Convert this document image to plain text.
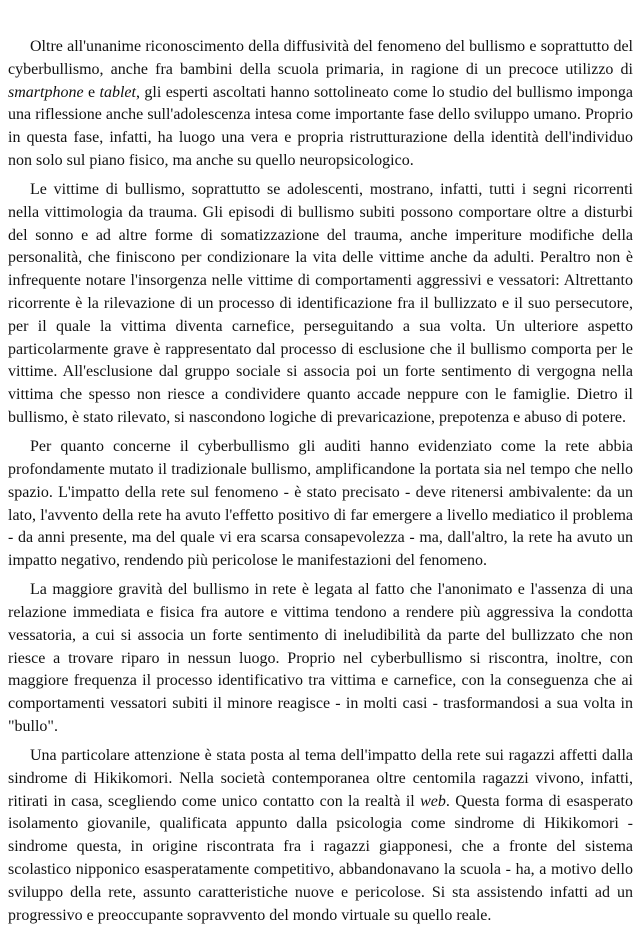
Oltre all'unanime riconoscimento della diffusività del fenomeno del bullismo e soprattutto del cyberbullismo, anche fra bambini della scuola primaria, in ragione di un precoce utilizzo di smartphone e tablet, gli esperti ascoltati hanno sottolineato come lo studio del bullismo imponga una riflessione anche sull'adolescenza intesa come importante fase dello sviluppo umano. Proprio in questa fase, infatti, ha luogo una vera e propria ristrutturazione della identità dell'individuo non solo sul piano fisico, ma anche su quello neuropsicologico.

Le vittime di bullismo, soprattutto se adolescenti, mostrano, infatti, tutti i segni ricorrenti nella vittimologia da trauma. Gli episodi di bullismo subiti possono comportare oltre a disturbi del sonno e ad altre forme di somatizzazione del trauma, anche imperiture modifiche della personalità, che finiscono per condizionare la vita delle vittime anche da adulti. Peraltro non è infrequente notare l'insorgenza nelle vittime di comportamenti aggressivi e vessatori: Altrettanto ricorrente è la rilevazione di un processo di identificazione fra il bullizzato e il suo persecutore, per il quale la vittima diventa carnefice, perseguitando a sua volta. Un ulteriore aspetto particolarmente grave è rappresentato dal processo di esclusione che il bullismo comporta per le vittime. All'esclusione dal gruppo sociale si associa poi un forte sentimento di vergogna nella vittima che spesso non riesce a condividere quanto accade neppure con le famiglie. Dietro il bullismo, è stato rilevato, si nascondono logiche di prevaricazione, prepotenza e abuso di potere.

Per quanto concerne il cyberbullismo gli auditi hanno evidenziato come la rete abbia profondamente mutato il tradizionale bullismo, amplificandone la portata sia nel tempo che nello spazio. L'impatto della rete sul fenomeno - è stato precisato - deve ritenersi ambivalente: da un lato, l'avvento della rete ha avuto l'effetto positivo di far emergere a livello mediatico il problema - da anni presente, ma del quale vi era scarsa consapevolezza - ma, dall'altro, la rete ha avuto un impatto negativo, rendendo più pericolose le manifestazioni del fenomeno.

La maggiore gravità del bullismo in rete è legata al fatto che l'anonimato e l'assenza di una relazione immediata e fisica fra autore e vittima tendono a rendere più aggressiva la condotta vessatoria, a cui si associa un forte sentimento di ineludibilità da parte del bullizzato che non riesce a trovare riparo in nessun luogo. Proprio nel cyberbullismo si riscontra, inoltre, con maggiore frequenza il processo identificativo tra vittima e carnefice, con la conseguenza che ai comportamenti vessatori subiti il minore reagisce - in molti casi - trasformandosi a sua volta in "bullo".

Una particolare attenzione è stata posta al tema dell'impatto della rete sui ragazzi affetti dalla sindrome di Hikikomori. Nella società contemporanea oltre centomila ragazzi vivono, infatti, ritirati in casa, scegliendo come unico contatto con la realtà il web. Questa forma di esasperato isolamento giovanile, qualificata appunto dalla psicologia come sindrome di Hikikomori - sindrome questa, in origine riscontrata fra i ragazzi giapponesi, che a fronte del sistema scolastico nipponico esasperatamente competitivo, abbandonavano la scuola - ha, a motivo dello sviluppo della rete, assunto caratteristiche nuove e pericolose. Si sta assistendo infatti ad un progressivo e preoccupante sopravvento del mondo virtuale su quello reale.
